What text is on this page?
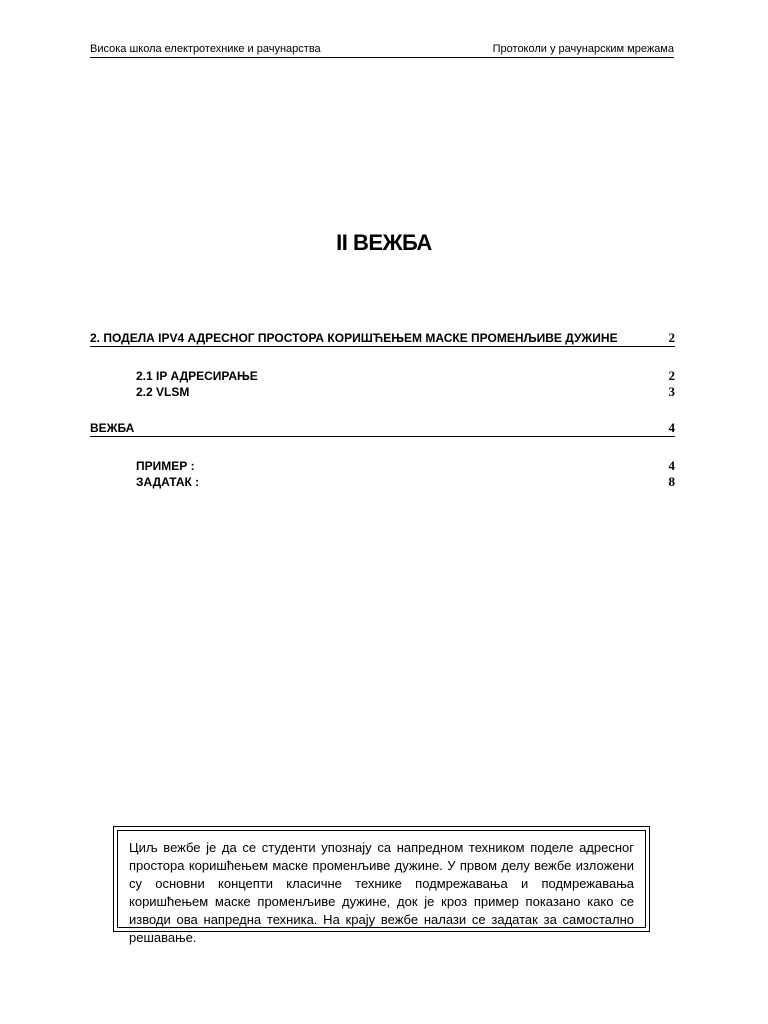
Висока школа електротехнике и рачунарства	Протоколи у рачунарским мрежама
II ВЕЖБА
2. ПОДЕЛА IPV4 АДРЕСНОГ ПРОСТОРА КОРИШЋЕЊЕМ МАСКЕ ПРОМЕНЉИВЕ ДУЖИНЕ	2
2.1 IP АДРЕСИРАЊЕ	2
2.2 VLSM	3
ВЕЖБА	4
ПРИМЕР :	4
ЗАДАТАК :	8
Циљ вежбе је да се студенти упознају са напредном техником поделе адресног простора коришћењем маске променљиве дужине. У првом делу вежбе изложени су основни концепти класичне технике подмрежавања и подмрежавања коришћењем маске променљиве дужине, док је кроз пример показано како се изводи ова напредна техника. На крају вежбе налази се задатак за самостално решавање.
